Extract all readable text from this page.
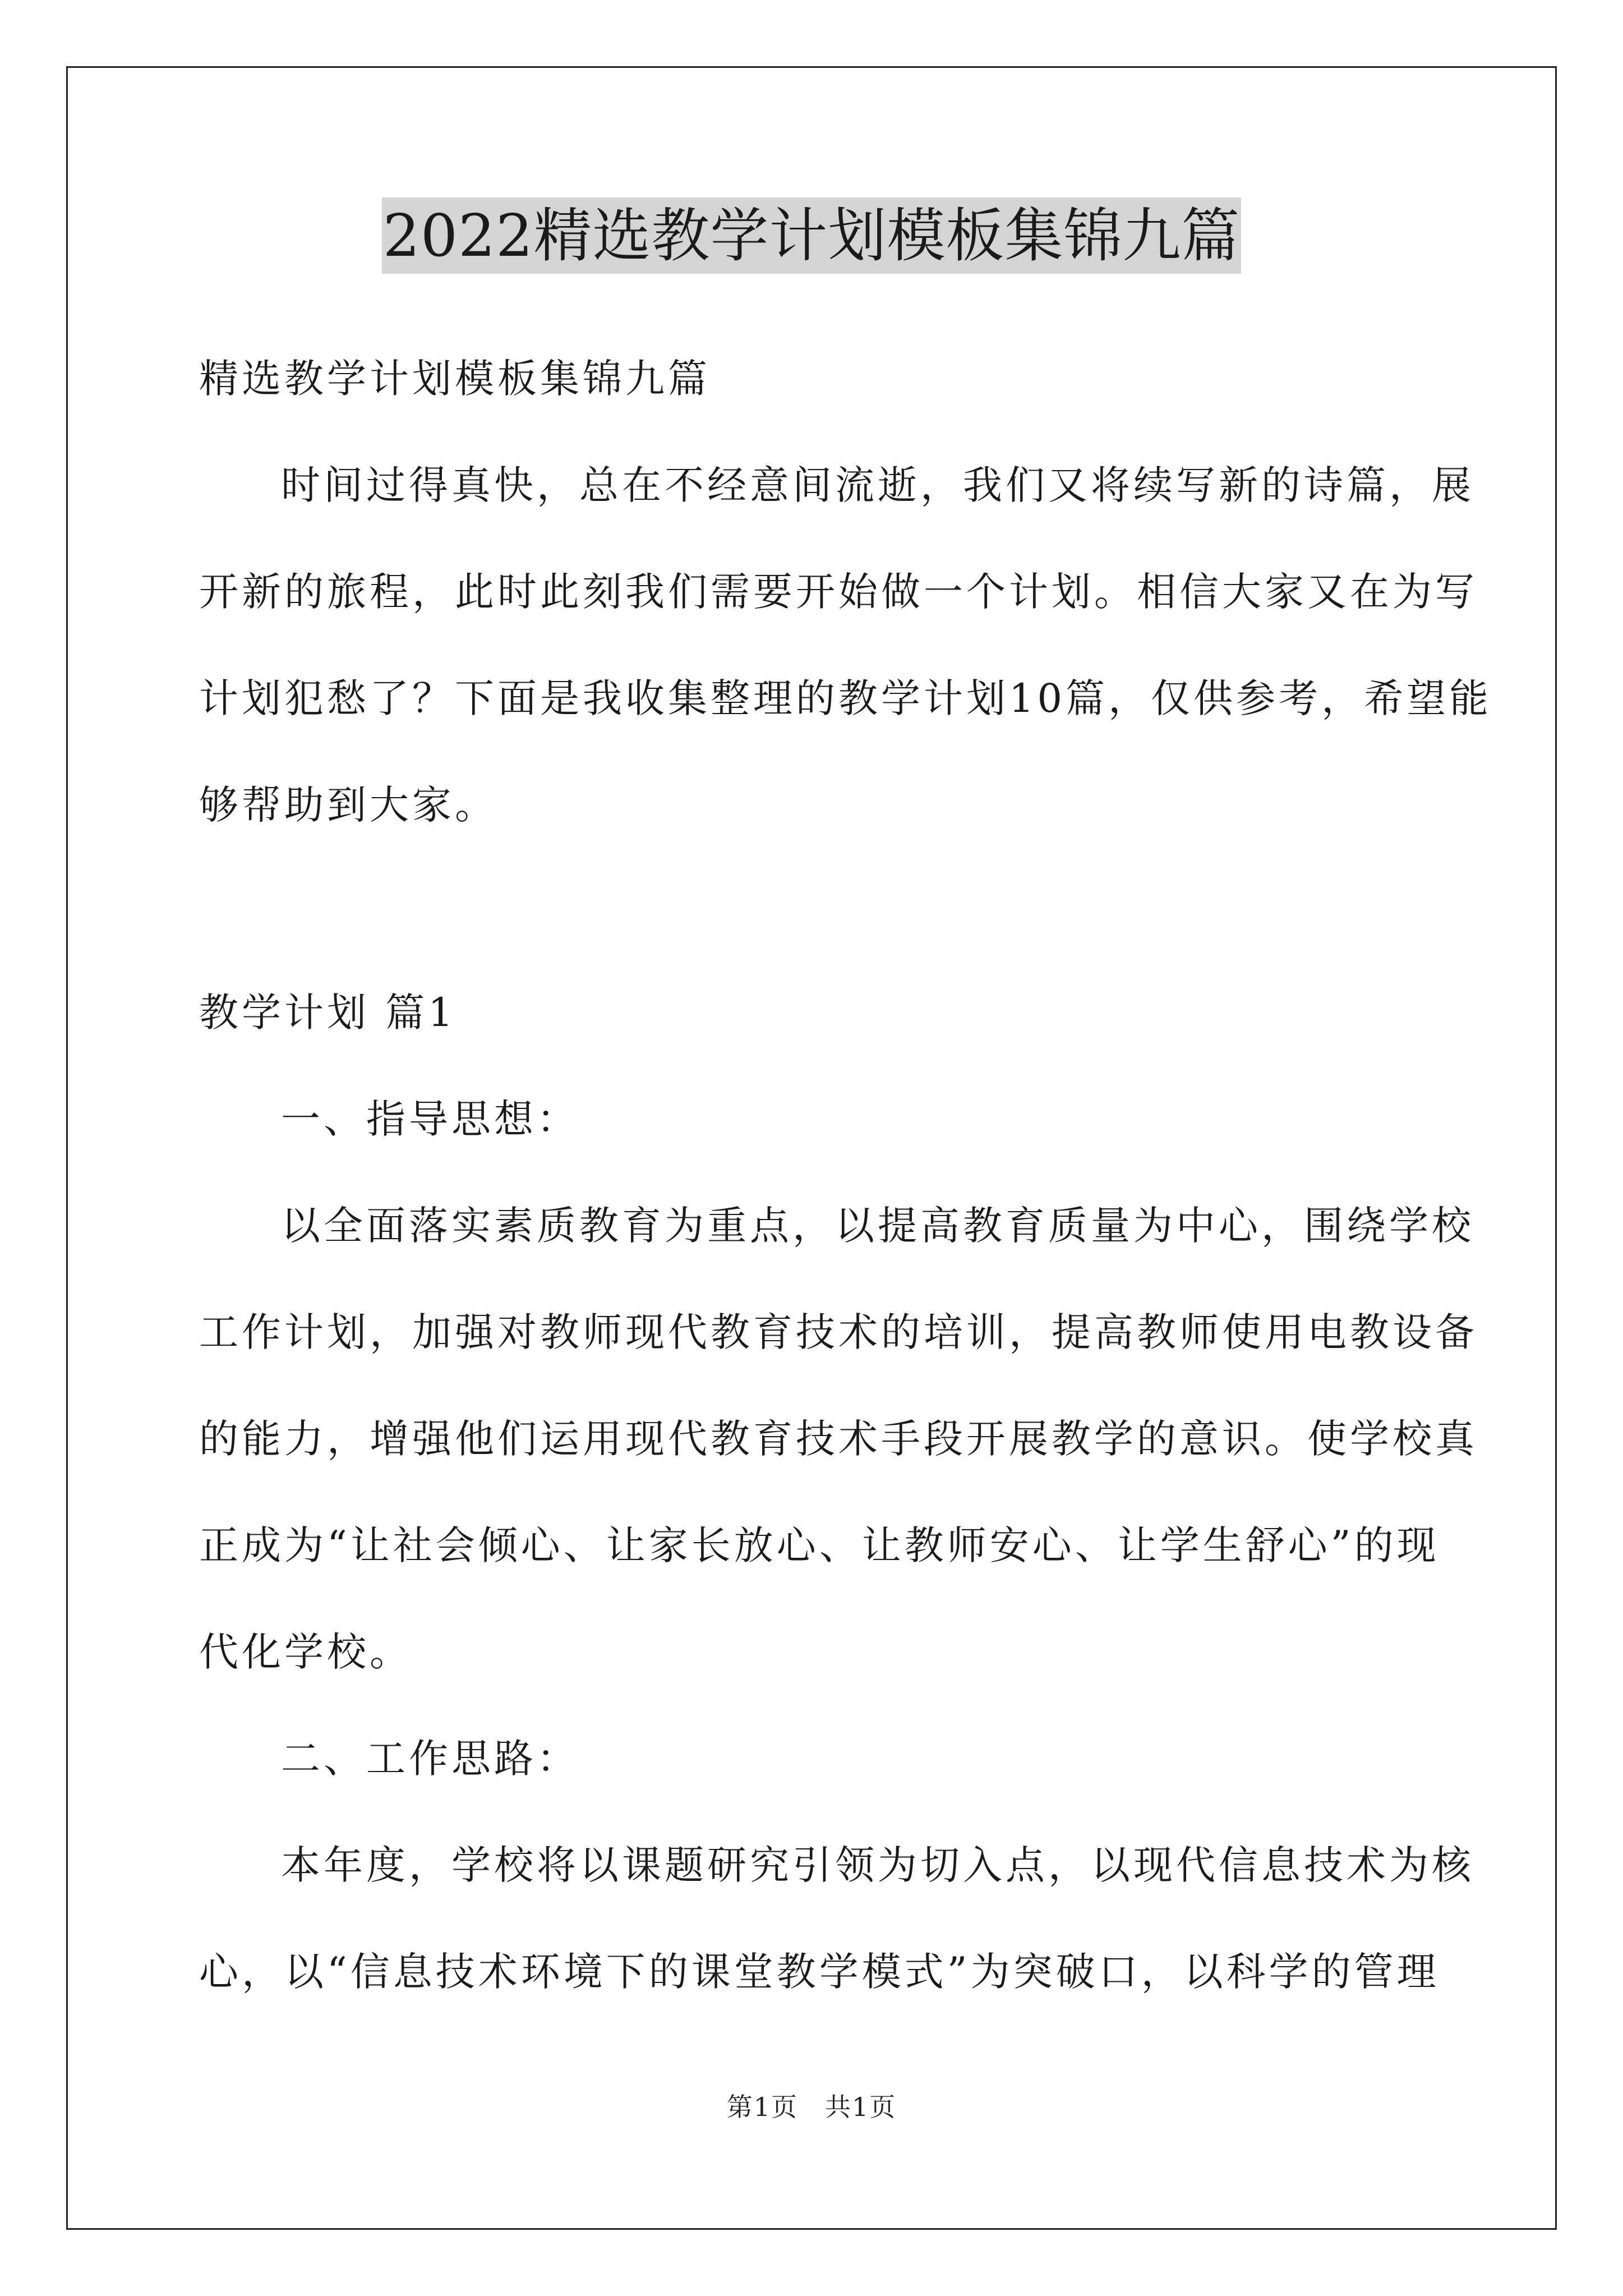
2022精选教学计划模板集锦九篇

精选教学计划模板集锦九篇

时间过得真快，总在不经意间流逝，我们又将续写新的诗篇，展

开新的旅程，此时此刻我们需要开始做一个计划。相信大家又在为写

计划犯愁了？下面是我收集整理的教学计划10篇，仅供参考，希望能

够帮助到大家。

教学计划 篇1

一、指导思想：

以全面落实素质教育为重点，以提高教育质量为中心，围绕学校

工作计划，加强对教师现代教育技术的培训，提高教师使用电教设备

的能力，增强他们运用现代教育技术手段开展教学的意识。使学校真

正成为“让社会倾心、让家长放心、让教师安心、让学生舒心”的现

代化学校。

二、工作思路：

本年度，学校将以课题研究引领为切入点，以现代信息技术为核

心，以“信息技术环境下的课堂教学模式”为突破口，以科学的管理

第1页　共1页
